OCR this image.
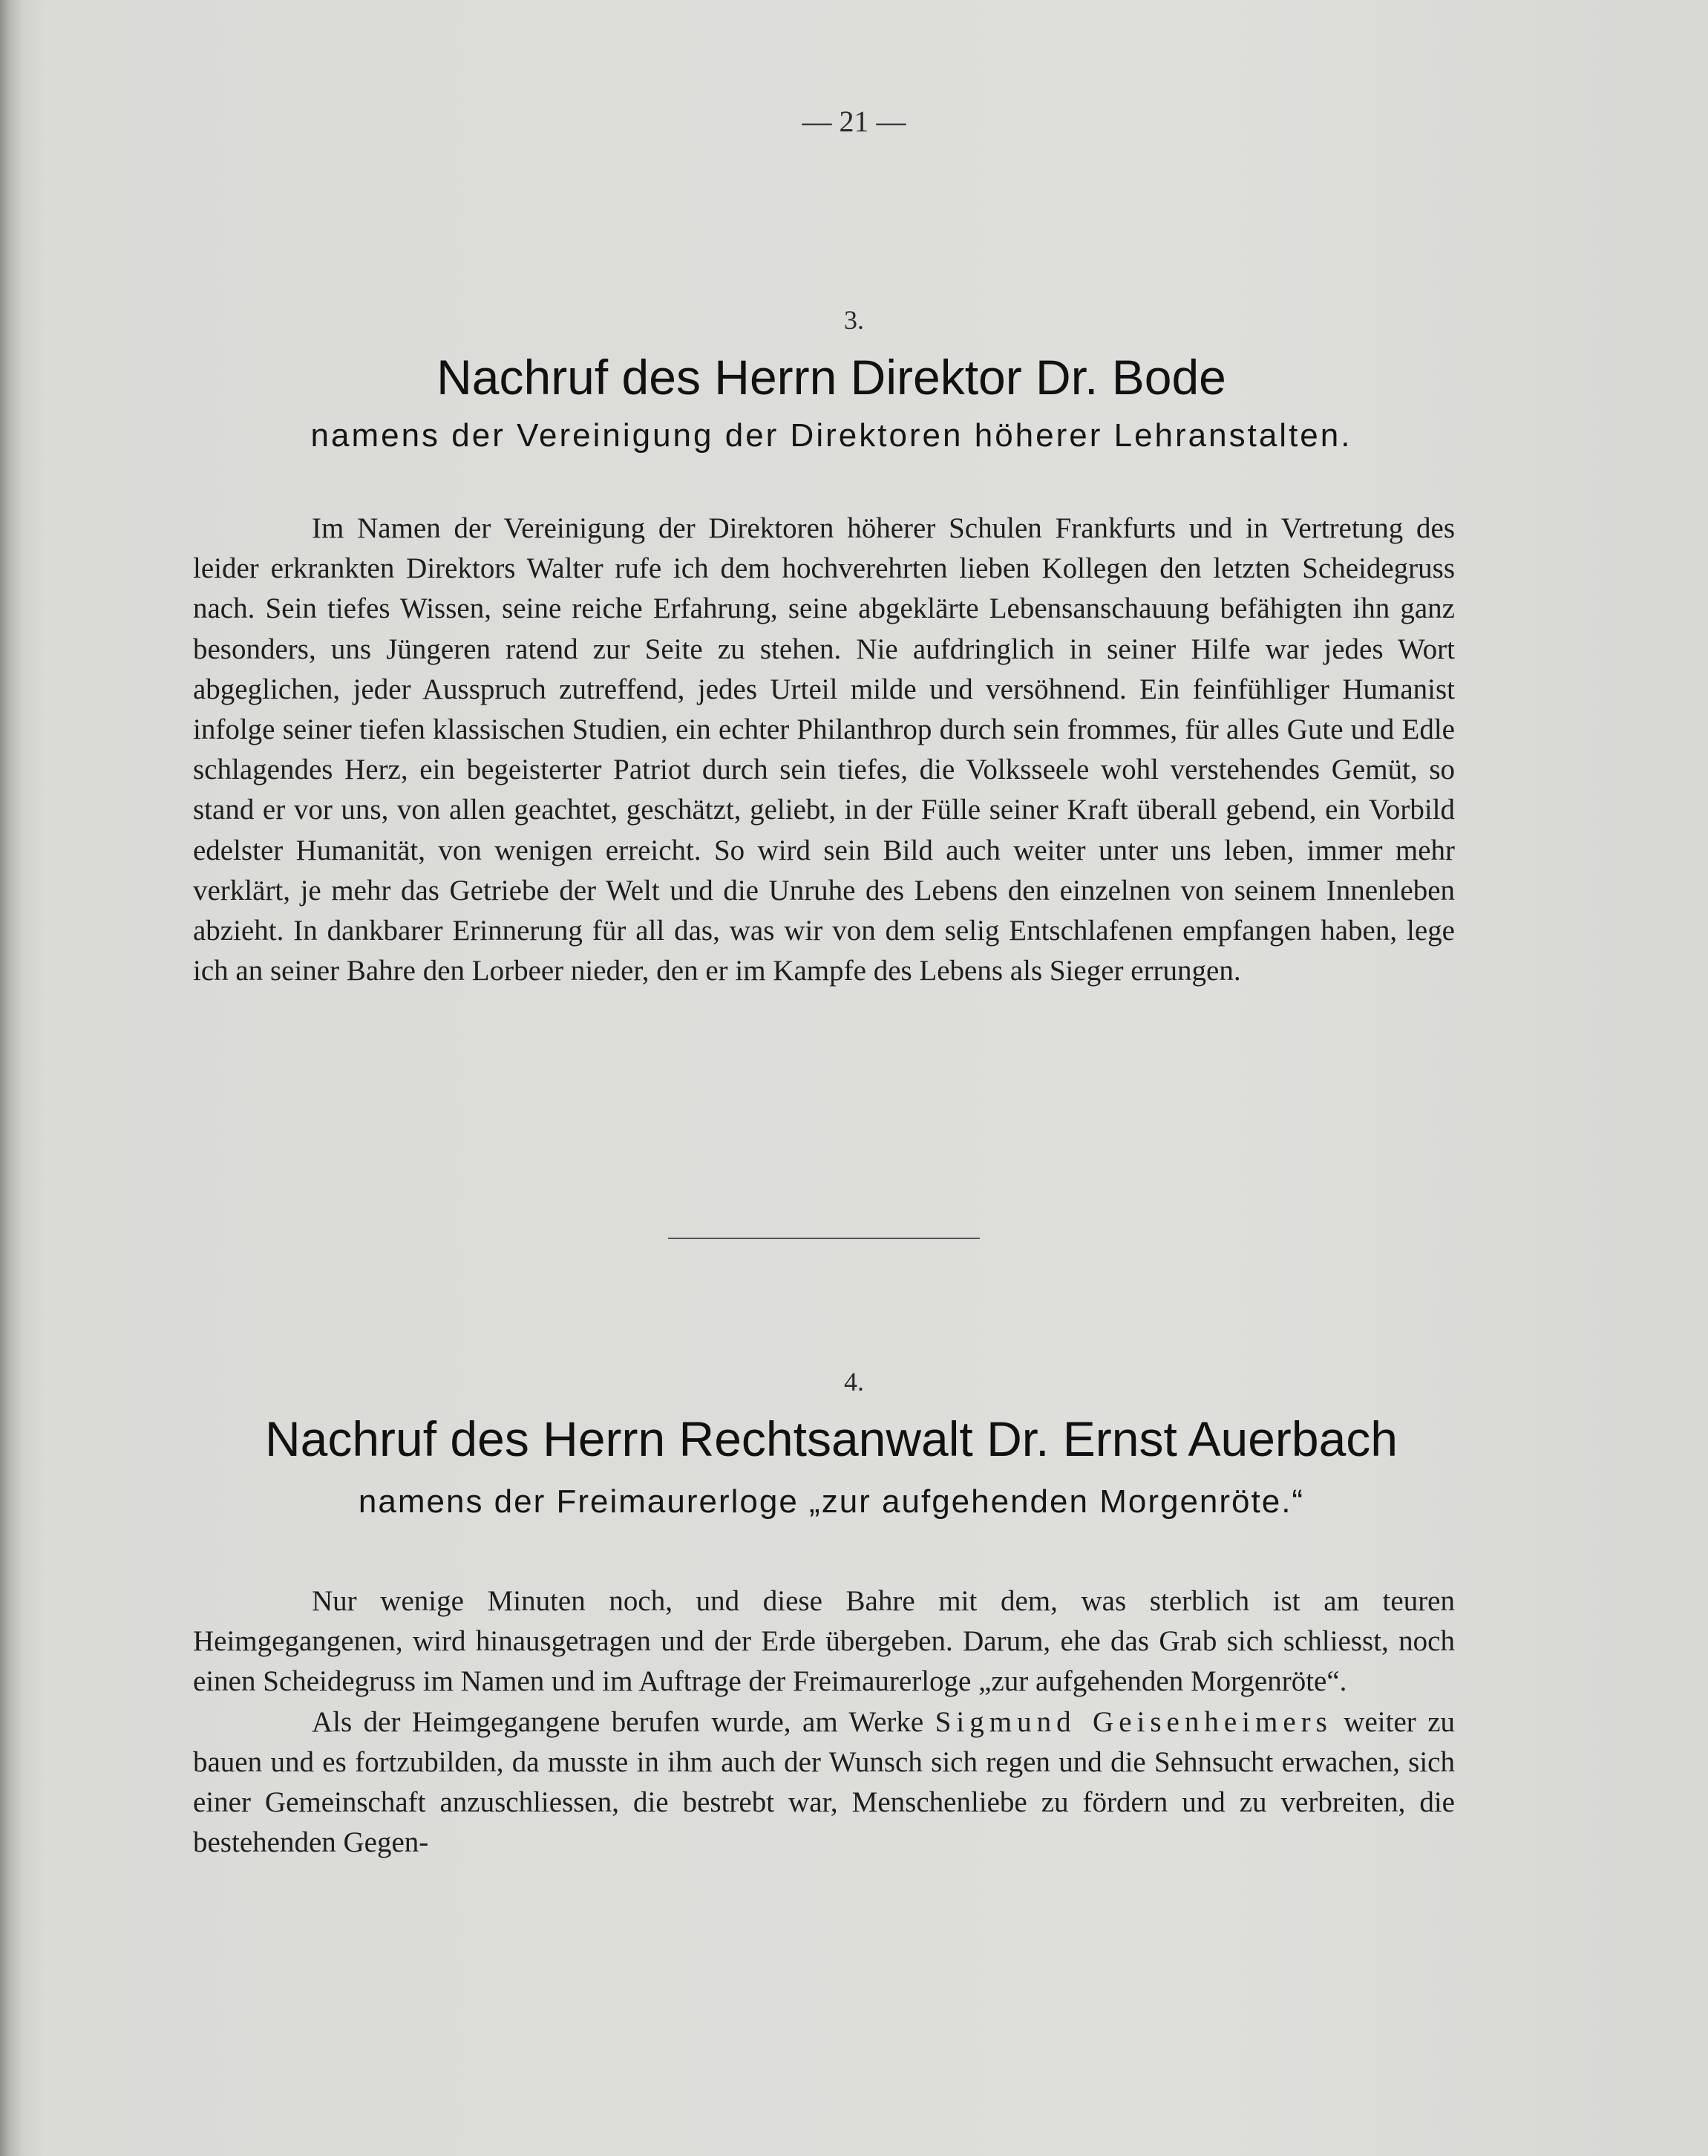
— 21 —
3.
Nachruf des Herrn Direktor Dr. Bode
namens der Vereinigung der Direktoren höherer Lehranstalten.

Im Namen der Vereinigung der Direktoren höherer Schulen Frankfurts und in Vertretung des leider erkrankten Direktors Walter rufe ich dem hochverehrten lieben Kollegen den letzten Scheidegruss nach. Sein tiefes Wissen, seine reiche Erfahrung, seine abgeklärte Lebensanschauung befähigten ihn ganz besonders, uns Jüngeren ratend zur Seite zu stehen. Nie aufdringlich in seiner Hilfe war jedes Wort abgeglichen, jeder Ausspruch zutreffend, jedes Urteil milde und versöhnend. Ein feinfühliger Humanist infolge seiner tiefen klassischen Studien, ein echter Philanthrop durch sein frommes, für alles Gute und Edle schlagendes Herz, ein begeisterter Patriot durch sein tiefes, die Volksseele wohl verstehendes Gemüt, so stand er vor uns, von allen geachtet, geschätzt, geliebt, in der Fülle seiner Kraft überall gebend, ein Vorbild edelster Humanität, von wenigen erreicht. So wird sein Bild auch weiter unter uns leben, immer mehr verklärt, je mehr das Getriebe der Welt und die Unruhe des Lebens den einzelnen von seinem Innenleben abzieht. In dankbarer Erinnerung für all das, was wir von dem selig Entschlafenen empfangen haben, lege ich an seiner Bahre den Lorbeer nieder, den er im Kampfe des Lebens als Sieger errungen.

4.
Nachruf des Herrn Rechtsanwalt Dr. Ernst Auerbach
namens der Freimaurerloge „zur aufgehenden Morgenröte.“

Nur wenige Minuten noch, und diese Bahre mit dem, was sterblich ist am teuren Heimgegangenen, wird hinausgetragen und der Erde übergeben. Darum, ehe das Grab sich schliesst, noch einen Scheidegruss im Namen und im Auftrage der Freimaurerloge „zur aufgehenden Morgenröte“.

Als der Heimgegangene berufen wurde, am Werke Sigmund Geisenheimers weiter zu bauen und es fortzubilden, da musste in ihm auch der Wunsch sich regen und die Sehnsucht erwachen, sich einer Gemeinschaft anzuschliessen, die bestrebt war, Menschenliebe zu fördern und zu verbreiten, die bestehenden Gegen-
